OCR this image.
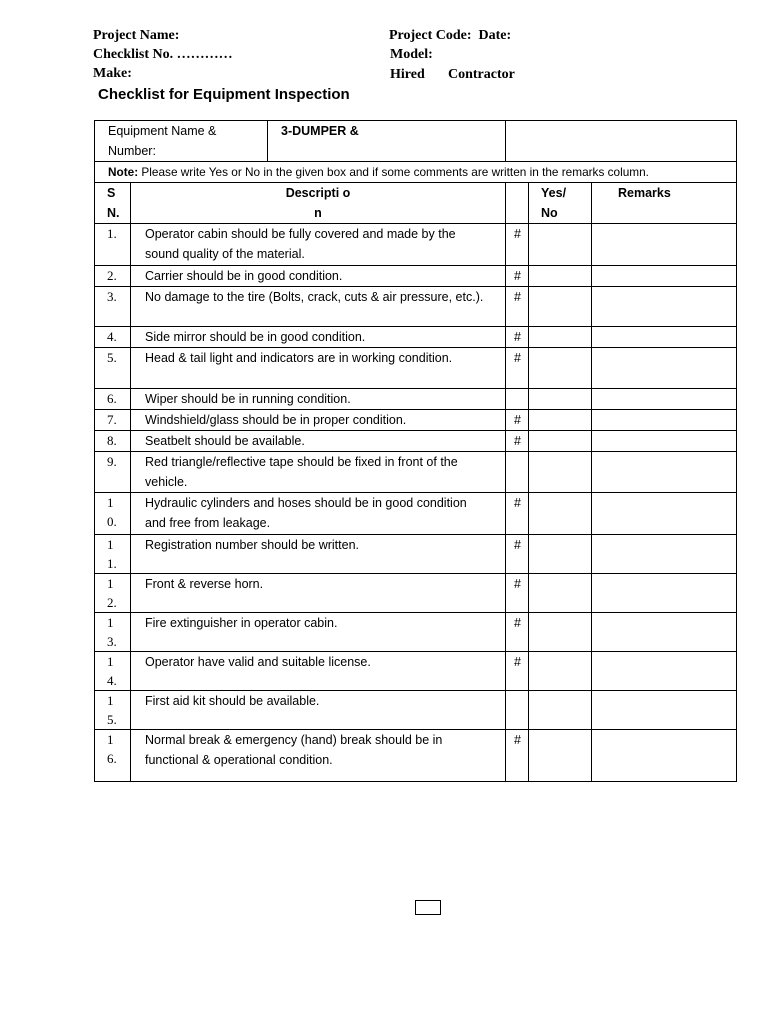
Project Name:	Project Code:  Date:
Checklist No. …………	Model:
Make:	Hired Contractor
Checklist for Equipment Inspection
Equipment Name & Number:
3-DUMPER &				

Note: Please write Yes or No in the given box and if some comments are written in the remarks column.				

S N.	Descripti on		Yes/ No	Remarks

1.	Operator cabin should be fully covered and made by the sound quality of the material.	#		

2.	Carrier should be in good condition.	#		

3.	No damage to the tire (Bolts, crack, cuts & air pressure, etc.).	#		

4.	Side mirror should be in good condition.	#		

5.	Head & tail light and indicators are in working condition.	#		

6.	Wiper should be in running condition.			

7.	Windshield/glass should be in proper condition.	#		

8.	Seatbelt should be available.	#		

9.	Red triangle/reflective tape should be fixed in front of the vehicle.			

1 0.	Hydraulic cylinders and hoses should be in good condition and free from leakage.	#		

1 1.	Registration number should be written.	#		

1 2.	Front & reverse horn.	#		

1 3.	Fire extinguisher in operator cabin.	#		

1 4.	Operator have valid and suitable license.	#		

1 5.	First aid kit should be available.			

1 6.	Normal break & emergency (hand) break should be in functional & operational condition.	#		
